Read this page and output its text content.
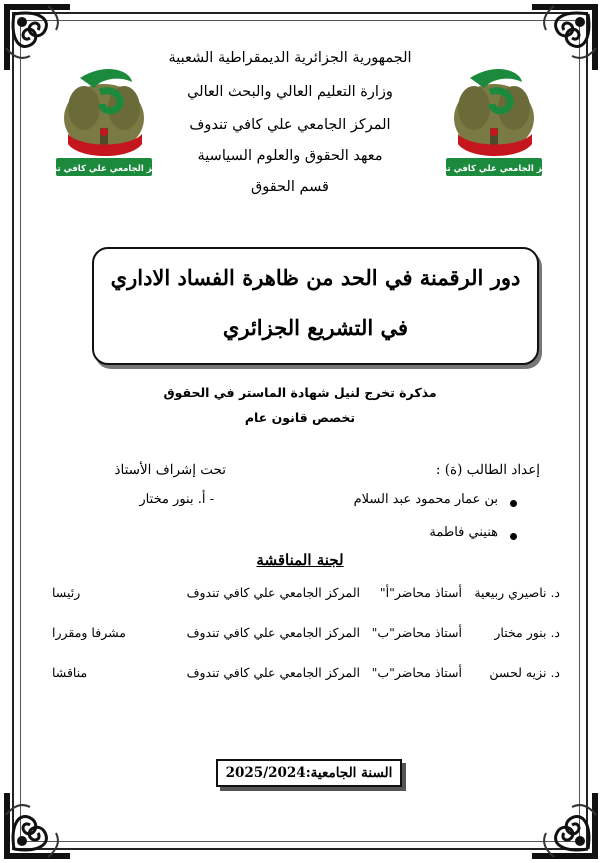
المركز الجامعي علي كافي تندوف	المركز الجامعي علي كافي تندوف
الجمهورية الجزائرية الديمقراطية الشعبية
وزارة التعليم العالي والبحث العالي
المركز الجامعي علي كافي تندوف
معهد الحقوق والعلوم السياسية
قسم الحقوق
دور الرقمنة في الحد من ظاهرة الفساد الاداري
في التشريع الجزائري
مذكرة تخرج لنيل شهادة الماستر في الحقوق
تخصص قانون عام
إعداد الطالب (ة) :
تحت إشراف الأستاذ
بن عمار محمود عبد السلام
- أ. بنور مختار
هنيني فاطمة
لجنة المناقشة
د. ناصيري ربيعية
أستاذ محاضر"أ"
المركز الجامعي علي كافي تندوف
رئيسا
د. بنور مختار
أستاذ محاضر"ب"
المركز الجامعي علي كافي تندوف
مشرفا ومقررا
د. نزيه لحسن
أستاذ محاضر"ب"
المركز الجامعي علي كافي تندوف
مناقشا
السنة الجامعية:2025/2024
